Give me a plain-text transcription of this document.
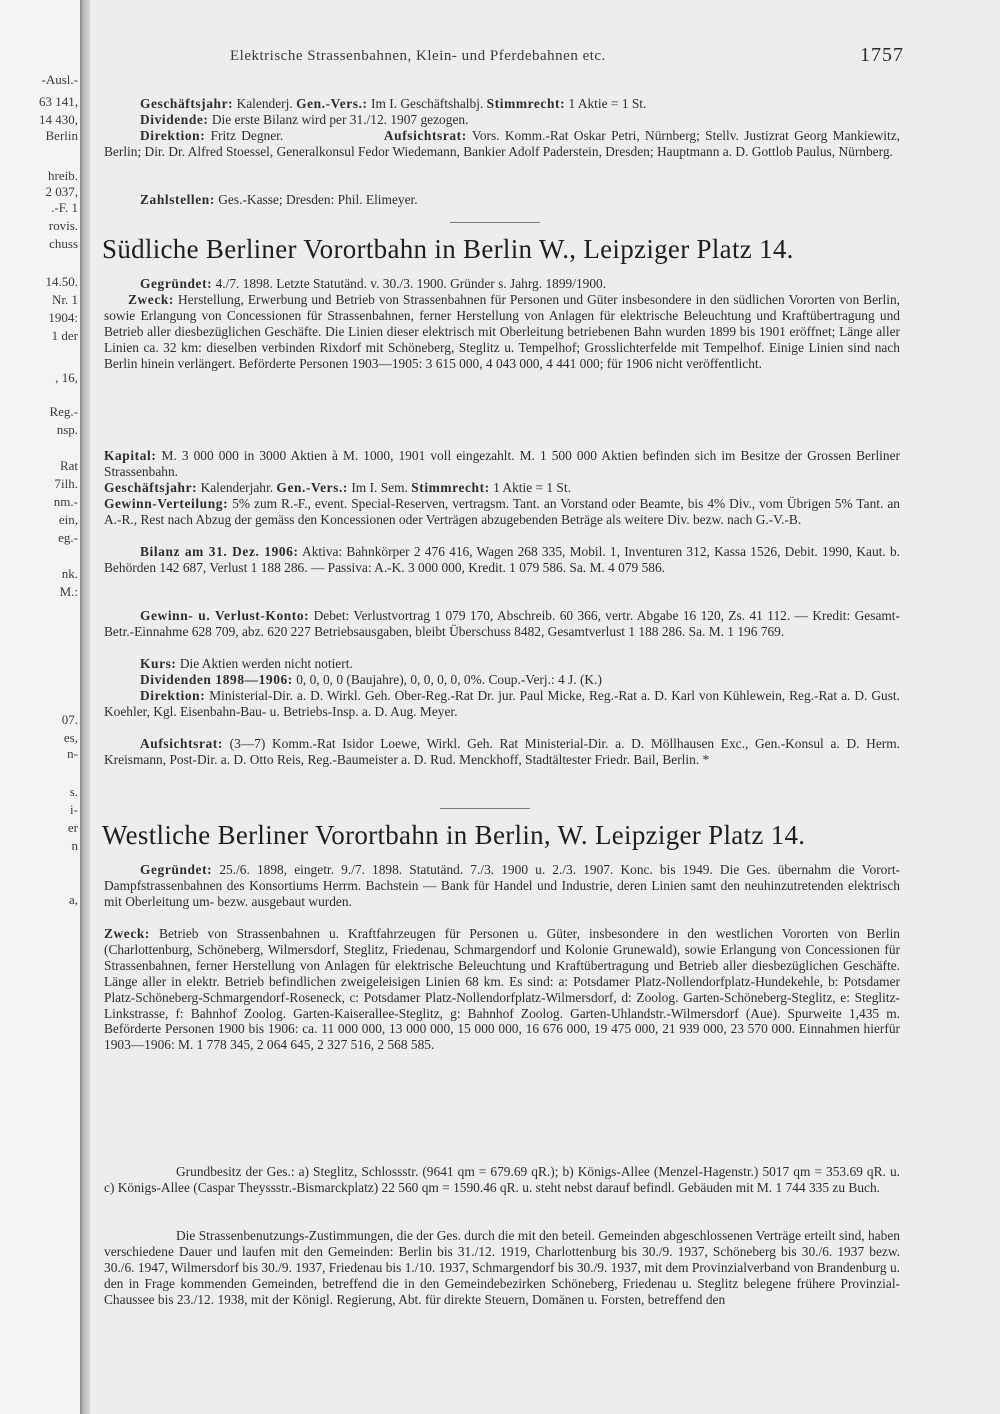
-Ausl.-
63 141,
14 430,
Berlin
hreib.
2 037,
.-F. 1
rovis.
chuss
14.50.
Nr. 1
1904:
1 der
, 16,
Reg.-
nsp.
Rat
7ilh.
nm.-
ein,
eg.-
nk.
M.:
07.
es,
n-
s.
i-
er
n
a,
Elektrische Strassenbahnen, Klein- und Pferdebahnen etc.	1757
Geschäftsjahr: Kalenderj. Gen.-Vers.: Im I. Geschäftshalbj. Stimmrecht: 1 Aktie = 1 St.
Dividende: Die erste Bilanz wird per 31./12. 1907 gezogen.
Direktion: Fritz Degner.	Aufsichtsrat: Vors. Komm.-Rat Oskar Petri, Nürnberg; Stellv. Justizrat Georg Mankiewitz, Berlin; Dir. Dr. Alfred Stoessel, Generalkonsul Fedor Wiedemann, Bankier Adolf Paderstein, Dresden; Hauptmann a. D. Gottlob Paulus, Nürnberg.
Zahlstellen: Ges.-Kasse; Dresden: Phil. Elimeyer.
Südliche Berliner Vorortbahn in Berlin W., Leipziger Platz 14.
Gegründet: 4./7. 1898. Letzte Statutänd. v. 30./3. 1900. Gründer s. Jahrg. 1899/1900.
Zweck: Herstellung, Erwerbung und Betrieb von Strassenbahnen für Personen und Güter insbesondere in den südlichen Vororten von Berlin, sowie Erlangung von Concessionen für Strassenbahnen, ferner Herstellung von Anlagen für elektrische Beleuchtung und Kraftübertragung und Betrieb aller diesbezüglichen Geschäfte. Die Linien dieser elektrisch mit Oberleitung betriebenen Bahn wurden 1899 bis 1901 eröffnet; Länge aller Linien ca. 32 km: dieselben verbinden Rixdorf mit Schöneberg, Steglitz u. Tempelhof; Grosslichterfelde mit Tempelhof. Einige Linien sind nach Berlin hinein verlängert. Beförderte Personen 1903—1905: 3 615 000, 4 043 000, 4 441 000; für 1906 nicht veröffentlicht.
Kapital: M. 3 000 000 in 3000 Aktien à M. 1000, 1901 voll eingezahlt. M. 1 500 000 Aktien befinden sich im Besitze der Grossen Berliner Strassenbahn.
Geschäftsjahr: Kalenderjahr. Gen.-Vers.: Im I. Sem. Stimmrecht: 1 Aktie = 1 St.
Gewinn-Verteilung: 5% zum R.-F., event. Special-Reserven, vertragsm. Tant. an Vorstand oder Beamte, bis 4% Div., vom Übrigen 5% Tant. an A.-R., Rest nach Abzug der gemäss den Koncessionen oder Verträgen abzugebenden Beträge als weitere Div. bezw. nach G.-V.-B.
Bilanz am 31. Dez. 1906: Aktiva: Bahnkörper 2 476 416, Wagen 268 335, Mobil. 1, Inventuren 312, Kassa 1526, Debit. 1990, Kaut. b. Behörden 142 687, Verlust 1 188 286. — Passiva: A.-K. 3 000 000, Kredit. 1 079 586. Sa. M. 4 079 586.
Gewinn- u. Verlust-Konto: Debet: Verlustvortrag 1 079 170, Abschreib. 60 366, vertr. Abgabe 16 120, Zs. 41 112. — Kredit: Gesamt-Betr.-Einnahme 628 709, abz. 620 227 Betriebsausgaben, bleibt Überschuss 8482, Gesamtverlust 1 188 286. Sa. M. 1 196 769.
Kurs: Die Aktien werden nicht notiert.
Dividenden 1898—1906: 0, 0, 0, 0 (Baujahre), 0, 0, 0, 0, 0%. Coup.-Verj.: 4 J. (K.)
Direktion: Ministerial-Dir. a. D. Wirkl. Geh. Ober-Reg.-Rat Dr. jur. Paul Micke, Reg.-Rat a. D. Karl von Kühlewein, Reg.-Rat a. D. Gust. Koehler, Kgl. Eisenbahn-Bau- u. Betriebs-Insp. a. D. Aug. Meyer.
Aufsichtsrat: (3—7) Komm.-Rat Isidor Loewe, Wirkl. Geh. Rat Ministerial-Dir. a. D. Möllhausen Exc., Gen.-Konsul a. D. Herm. Kreismann, Post-Dir. a. D. Otto Reis, Reg.-Baumeister a. D. Rud. Menckhoff, Stadtältester Friedr. Bail, Berlin. *
Westliche Berliner Vorortbahn in Berlin, W. Leipziger Platz 14.
Gegründet: 25./6. 1898, eingetr. 9./7. 1898. Statutänd. 7./3. 1900 u. 2./3. 1907. Konc. bis 1949. Die Ges. übernahm die Vorort-Dampfstrassenbahnen des Konsortiums Herrm. Bachstein — Bank für Handel und Industrie, deren Linien samt den neuhinzutretenden elektrisch mit Oberleitung um- bezw. ausgebaut wurden.
Zweck: Betrieb von Strassenbahnen u. Kraftfahrzeugen für Personen u. Güter, insbesondere in den westlichen Vororten von Berlin (Charlottenburg, Schöneberg, Wilmersdorf, Steglitz, Friedenau, Schmargendorf und Kolonie Grunewald), sowie Erlangung von Concessionen für Strassenbahnen, ferner Herstellung von Anlagen für elektrische Beleuchtung und Kraftübertragung und Betrieb aller diesbezüglichen Geschäfte. Länge aller in elektr. Betrieb befindlichen zweigeleisigen Linien 68 km. Es sind: a: Potsdamer Platz-Nollendorfplatz-Hundekehle, b: Potsdamer Platz-Schöneberg-Schmargendorf-Roseneck, c: Potsdamer Platz-Nollendorfplatz-Wilmersdorf, d: Zoolog. Garten-Schöneberg-Steglitz, e: Steglitz-Linkstrasse, f: Bahnhof Zoolog. Garten-Kaiserallee-Steglitz, g: Bahnhof Zoolog. Garten-Uhlandstr.-Wilmersdorf (Aue). Spurweite 1,435 m. Beförderte Personen 1900 bis 1906: ca. 11 000 000, 13 000 000, 15 000 000, 16 676 000, 19 475 000, 21 939 000, 23 570 000. Einnahmen hierfür 1903—1906: M. 1 778 345, 2 064 645, 2 327 516, 2 568 585.
Grundbesitz der Ges.: a) Steglitz, Schlossstr. (9641 qm = 679.69 qR.); b) Königs-Allee (Menzel-Hagenstr.) 5017 qm = 353.69 qR. u. c) Königs-Allee (Caspar Theyssstr.-Bismarckplatz) 22 560 qm = 1590.46 qR. u. steht nebst darauf befindl. Gebäuden mit M. 1 744 335 zu Buch.
Die Strassenbenutzungs-Zustimmungen, die der Ges. durch die mit den beteil. Gemeinden abgeschlossenen Verträge erteilt sind, haben verschiedene Dauer und laufen mit den Gemeinden: Berlin bis 31./12. 1919, Charlottenburg bis 30./9. 1937, Schöneberg bis 30./6. 1937 bezw. 30./6. 1947, Wilmersdorf bis 30./9. 1937, Friedenau bis 1./10. 1937, Schmargendorf bis 30./9. 1937, mit dem Provinzialverband von Brandenburg u. den in Frage kommenden Gemeinden, betreffend die in den Gemeindebezirken Schöneberg, Friedenau u. Steglitz belegene frühere Provinzial-Chaussee bis 23./12. 1938, mit der Königl. Regierung, Abt. für direkte Steuern, Domänen u. Forsten, betreffend den
